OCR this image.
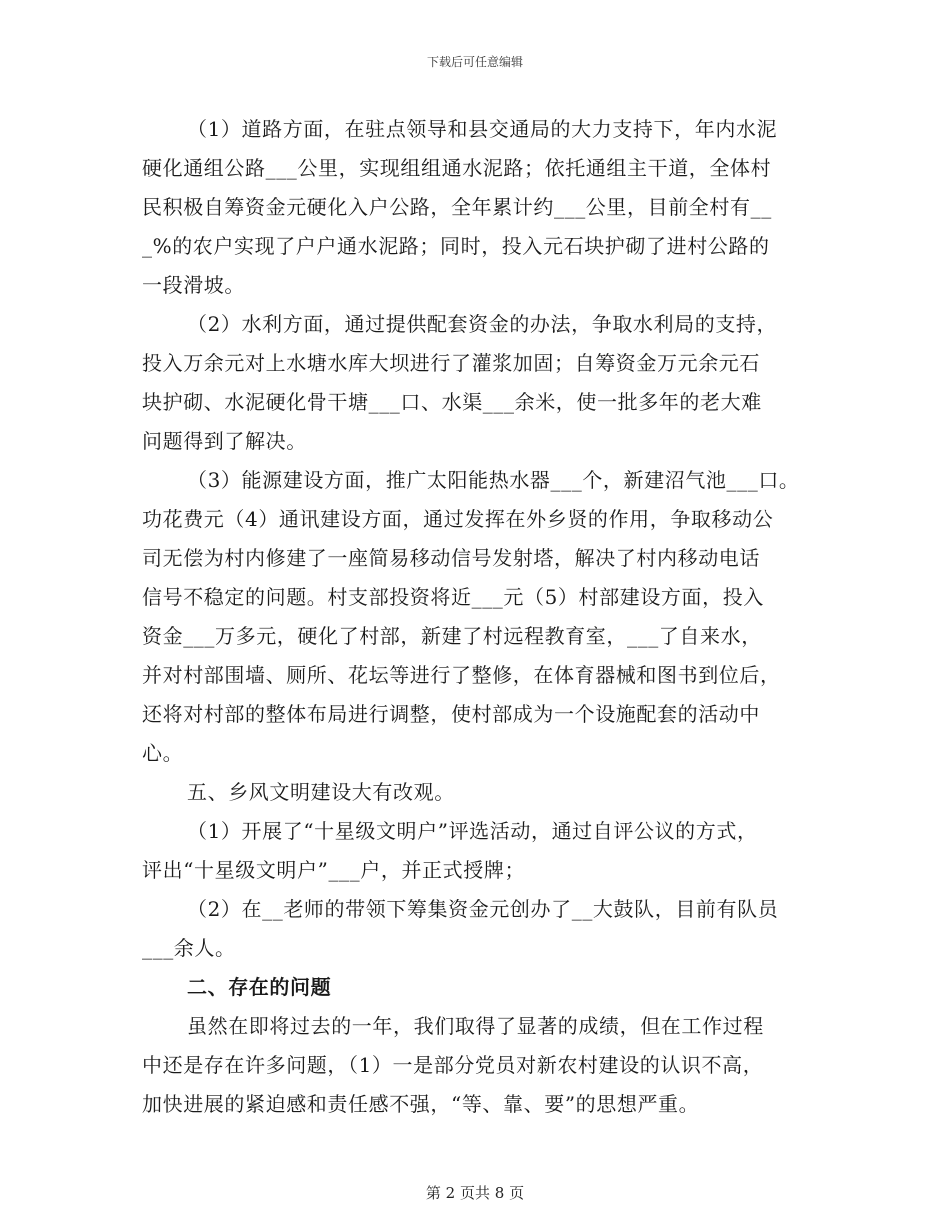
下载后可任意编辑
（1）道路方面，在驻点领导和县交通局的大力支持下，年内水泥
硬化通组公路___公里，实现组组通水泥路；依托通组主干道，全体村
民积极自筹资金元硬化入户公路，全年累计约___公里，目前全村有__
_%的农户实现了户户通水泥路；同时，投入元石块护砌了进村公路的
一段滑坡。
（2）水利方面，通过提供配套资金的办法，争取水利局的支持，
投入万余元对上水塘水库大坝进行了灌浆加固；自筹资金万元余元石
块护砌、水泥硬化骨干塘___口、水渠___余米，使一批多年的老大难
问题得到了解决。
（3）能源建设方面，推广太阳能热水器___个，新建沼气池___口。
功花费元（4）通讯建设方面，通过发挥在外乡贤的作用，争取移动公
司无偿为村内修建了一座简易移动信号发射塔，解决了村内移动电话
信号不稳定的问题。村支部投资将近___元（5）村部建设方面，投入
资金___万多元，硬化了村部，新建了村远程教育室，___了自来水，
并对村部围墙、厕所、花坛等进行了整修，在体育器械和图书到位后，
还将对村部的整体布局进行调整，使村部成为一个设施配套的活动中
心。
五、乡风文明建设大有改观。
（1）开展了“十星级文明户”评选活动，通过自评公议的方式，
评出“十星级文明户”___户，并正式授牌；
（2）在__老师的带领下筹集资金元创办了__大鼓队，目前有队员
___余人。
二、存在的问题
虽然在即将过去的一年，我们取得了显著的成绩，但在工作过程
中还是存在许多问题，（1）一是部分党员对新农村建设的认识不高，
加快进展的紧迫感和责任感不强，“等、靠、要”的思想严重。
第 2 页共 8 页
